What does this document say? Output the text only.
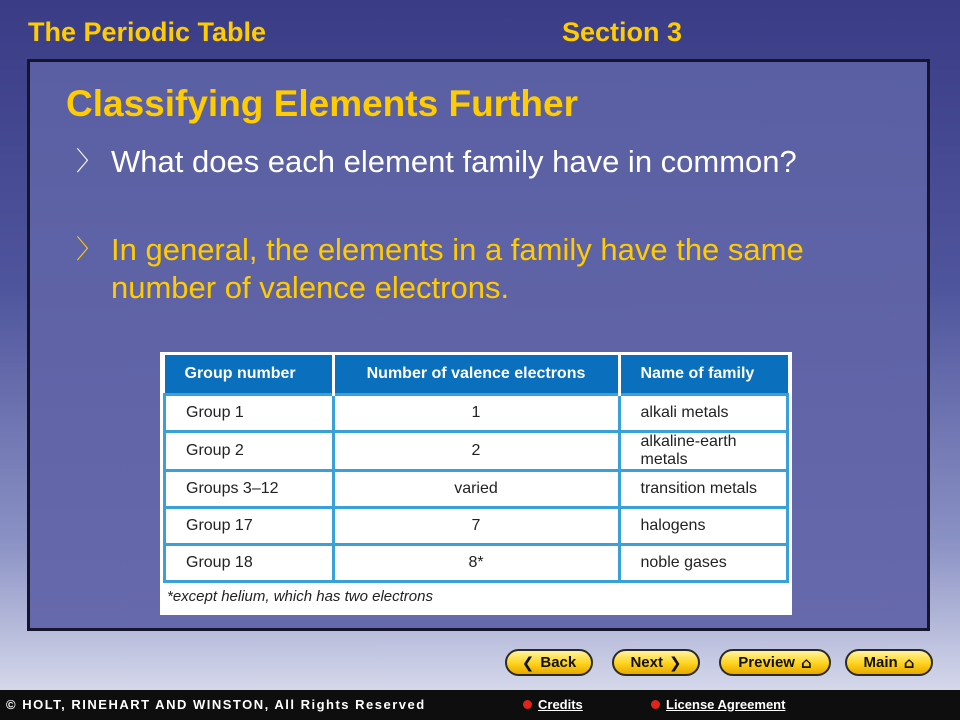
The Periodic Table	Section 3
Classifying Elements Further
〉 What does each element family have in common?
〉 In general, the elements in a family have the same number of valence electrons.
Group number	Number of valence electrons	Name of family
Group 1	1	alkali metals
Group 2	2	alkaline-earth metals
Groups 3–12	varied	transition metals
Group 17	7	halogens
Group 18	8*	noble gases
*except helium, which has two electrons
❮ Back	Next ❯	Preview ⌂	Main ⌂
© HOLT, RINEHART AND WINSTON, All Rights Reserved	Credits	License Agreement
